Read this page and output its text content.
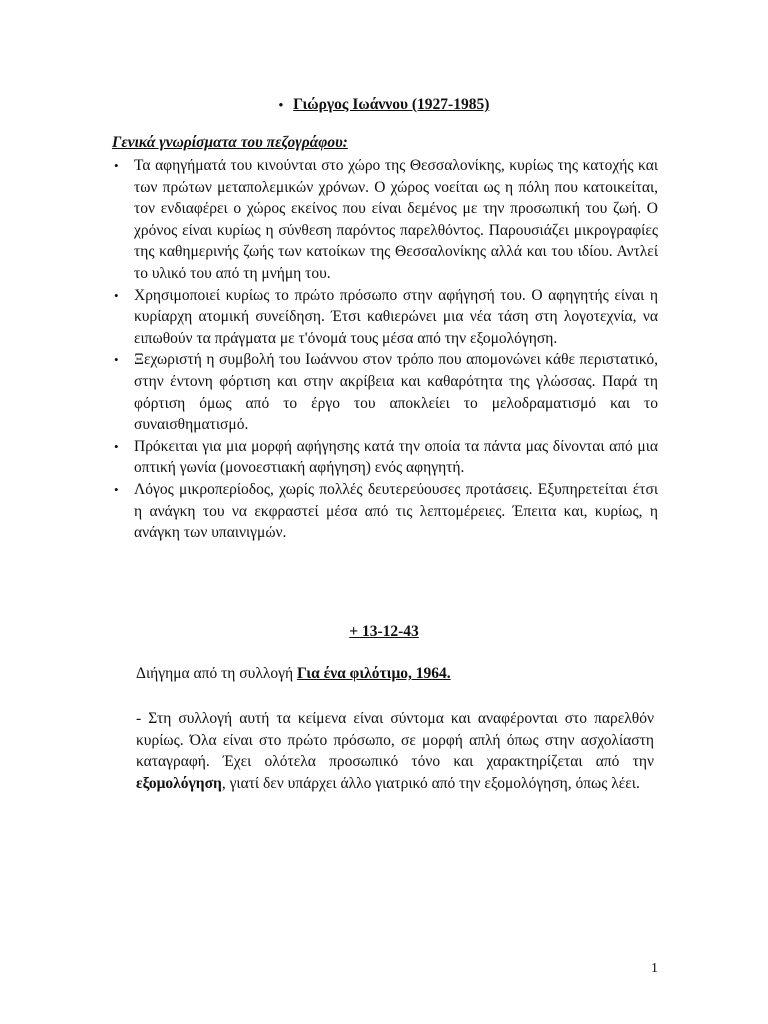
• Γιώργος Ιωάννου (1927-1985)
Γενικά γνωρίσματα του πεζογράφου:
• Τα αφηγήματά του κινούνται στο χώρο της Θεσσαλονίκης, κυρίως της κατοχής και των πρώτων μεταπολεμικών χρόνων. Ο χώρος νοείται ως η πόλη που κατοικείται, τον ενδιαφέρει ο χώρος εκείνος που είναι δεμένος με την προσωπική του ζωή. Ο χρόνος είναι κυρίως η σύνθεση παρόντος παρελθόντος. Παρουσιάζει μικρογραφίες της καθημερινής ζωής των κατοίκων της Θεσσαλονίκης αλλά και του ιδίου. Αντλεί το υλικό του από τη μνήμη του.
• Χρησιμοποιεί κυρίως το πρώτο πρόσωπο στην αφήγησή του. Ο αφηγητής είναι η κυρίαρχη ατομική συνείδηση. Έτσι καθιερώνει μια νέα τάση στη λογοτεχνία, να ειπωθούν τα πράγματα με τ'όνομά τους μέσα από την εξομολόγηση.
• Ξεχωριστή η συμβολή του Ιωάννου στον τρόπο που απομονώνει κάθε περιστατικό, στην έντονη φόρτιση και στην ακρίβεια και καθαρότητα της γλώσσας. Παρά τη φόρτιση όμως από το έργο του αποκλείει το μελοδραματισμό και το συναισθηματισμό.
• Πρόκειται για μια μορφή αφήγησης κατά την οποία τα πάντα μας δίνονται από μια οπτική γωνία (μονοεστιακή αφήγηση) ενός αφηγητή.
• Λόγος μικροπερίοδος, χωρίς πολλές δευτερεύουσες προτάσεις. Εξυπηρετείται έτσι η ανάγκη του να εκφραστεί μέσα από τις λεπτομέρειες. Έπειτα και, κυρίως, η ανάγκη των υπαινιγμών.
+ 13-12-43
Διήγημα από τη συλλογή Για ένα φιλότιμο, 1964.

- Στη συλλογή αυτή τα κείμενα είναι σύντομα και αναφέρονται στο παρελθόν κυρίως. Όλα είναι στο πρώτο πρόσωπο, σε μορφή απλή όπως στην ασχολίαστη καταγραφή. Έχει ολότελα προσωπικό τόνο και χαρακτηρίζεται από την εξομολόγηση, γιατί δεν υπάρχει άλλο γιατρικό από την εξομολόγηση, όπως λέει.

1
